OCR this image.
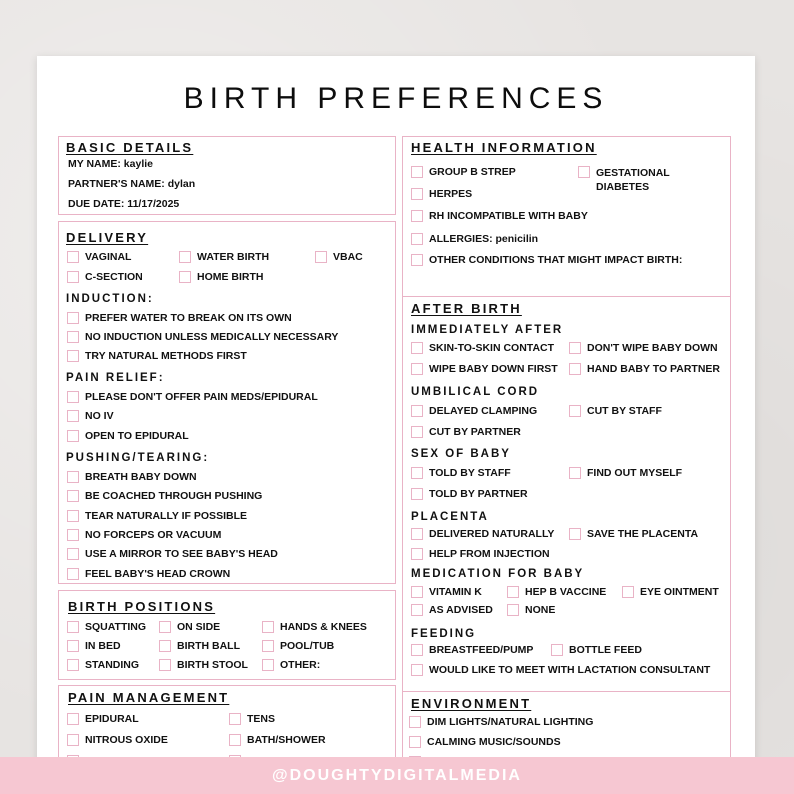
BIRTH PREFERENCES
BASIC DETAILS
MY NAME: kaylie
PARTNER'S NAME: dylan
DUE DATE: 11/17/2025
DELIVERY
VAGINAL	WATER BIRTH	VBAC
C-SECTION	HOME BIRTH
INDUCTION:
PREFER WATER TO BREAK ON ITS OWN
NO INDUCTION UNLESS MEDICALLY NECESSARY
TRY NATURAL METHODS FIRST
PAIN RELIEF:
PLEASE DON'T OFFER PAIN MEDS/EPIDURAL
NO IV
OPEN TO EPIDURAL
PUSHING/TEARING:
BREATH BABY DOWN
BE COACHED THROUGH PUSHING
TEAR NATURALLY IF POSSIBLE
NO FORCEPS OR VACUUM
USE A MIRROR TO SEE BABY'S HEAD
FEEL BABY'S HEAD CROWN
BIRTH POSITIONS
SQUATTING	ON SIDE	HANDS & KNEES
IN BED	BIRTH BALL	POOL/TUB
STANDING	BIRTH STOOL	OTHER:
PAIN MANAGEMENT
EPIDURAL	TENS
NITROUS OXIDE	BATH/SHOWER
HEALTH INFORMATION
GROUP B STREP	GESTATIONAL DIABETES
HERPES
RH INCOMPATIBLE WITH BABY
ALLERGIES: penicilin
OTHER CONDITIONS THAT MIGHT IMPACT BIRTH:
AFTER BIRTH
IMMEDIATELY AFTER
SKIN-TO-SKIN CONTACT	DON'T WIPE BABY DOWN
WIPE BABY DOWN FIRST	HAND BABY TO PARTNER
UMBILICAL CORD
DELAYED CLAMPING	CUT BY STAFF
CUT BY PARTNER
SEX OF BABY
TOLD BY STAFF	FIND OUT MYSELF
TOLD BY PARTNER
PLACENTA
DELIVERED NATURALLY	SAVE THE PLACENTA
HELP FROM INJECTION
MEDICATION FOR BABY
VITAMIN K	HEP B VACCINE	EYE OINTMENT
AS ADVISED	NONE
FEEDING
BREASTFEED/PUMP	BOTTLE FEED
WOULD LIKE TO MEET WITH LACTATION CONSULTANT
ENVIRONMENT
DIM LIGHTS/NATURAL LIGHTING
CALMING MUSIC/SOUNDS
@DOUGHTYDIGITALMEDIA
